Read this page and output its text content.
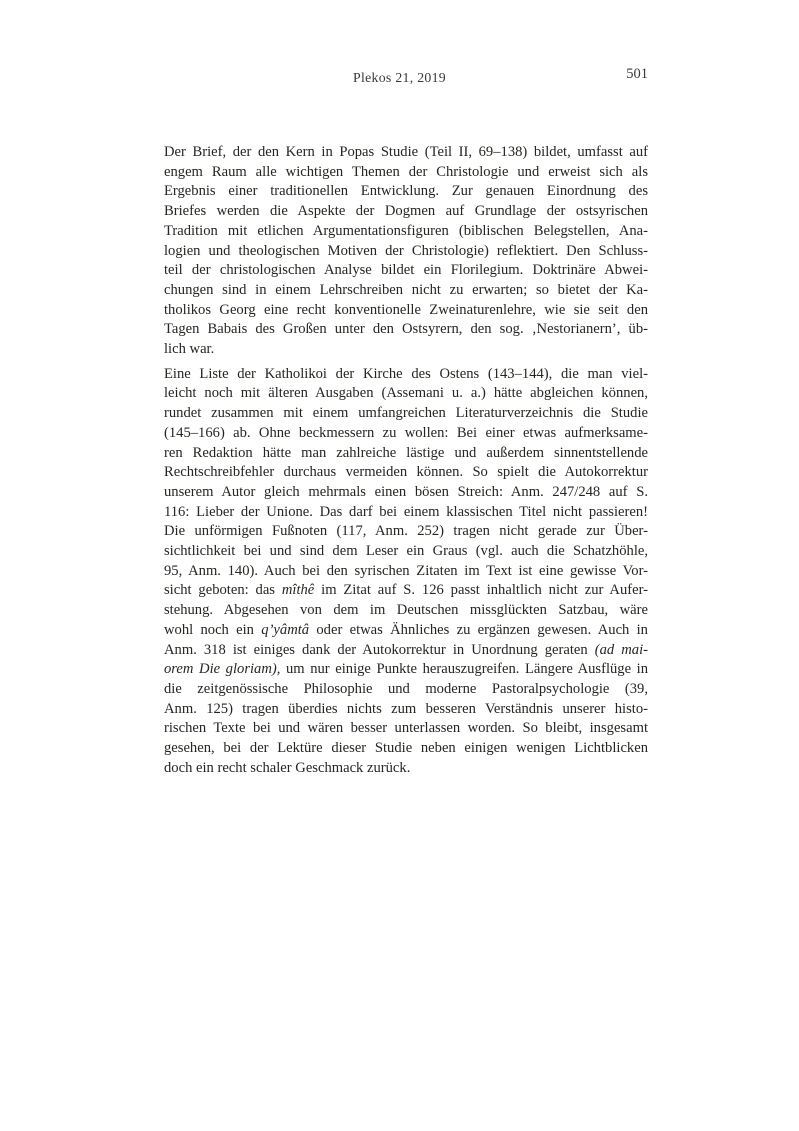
Plekos 21, 2019	501
Der Brief, der den Kern in Popas Studie (Teil II, 69–138) bildet, umfasst auf
engem Raum alle wichtigen Themen der Christologie und erweist sich als
Ergebnis einer traditionellen Entwicklung. Zur genauen Einordnung des
Briefes werden die Aspekte der Dogmen auf Grundlage der ostsyrischen
Tradition mit etlichen Argumentationsfiguren (biblischen Belegstellen, Ana-
logien und theologischen Motiven der Christologie) reflektiert. Den Schluss-
teil der christologischen Analyse bildet ein Florilegium. Doktrinäre Abwei-
chungen sind in einem Lehrschreiben nicht zu erwarten; so bietet der Ka-
tholikos Georg eine recht konventionelle Zweinaturenlehre, wie sie seit den
Tagen Babais des Großen unter den Ostsyrern, den sog. ‚Nestorianern’, üb-
lich war.
Eine Liste der Katholikoi der Kirche des Ostens (143–144), die man viel-
leicht noch mit älteren Ausgaben (Assemani u. a.) hätte abgleichen können,
rundet zusammen mit einem umfangreichen Literaturverzeichnis die Studie
(145–166) ab. Ohne beckmessern zu wollen: Bei einer etwas aufmerksame-
ren Redaktion hätte man zahlreiche lästige und außerdem sinnentstellende
Rechtschreibfehler durchaus vermeiden können. So spielt die Autokorrektur
unserem Autor gleich mehrmals einen bösen Streich: Anm. 247/248 auf S.
116: Lieber der Unione. Das darf bei einem klassischen Titel nicht passieren!
Die unförmigen Fußnoten (117, Anm. 252) tragen nicht gerade zur Über-
sichtlichkeit bei und sind dem Leser ein Graus (vgl. auch die Schatzhöhle,
95, Anm. 140). Auch bei den syrischen Zitaten im Text ist eine gewisse Vor-
sicht geboten: das mîthê im Zitat auf S. 126 passt inhaltlich nicht zur Aufer-
stehung. Abgesehen von dem im Deutschen missglückten Satzbau, wäre
wohl noch ein q’yâmtâ oder etwas Ähnliches zu ergänzen gewesen. Auch in
Anm. 318 ist einiges dank der Autokorrektur in Unordnung geraten (ad mai-
orem Die gloriam), um nur einige Punkte herauszugreifen. Längere Ausflüge in
die zeitgenössische Philosophie und moderne Pastoralpsychologie (39,
Anm. 125) tragen überdies nichts zum besseren Verständnis unserer histo-
rischen Texte bei und wären besser unterlassen worden. So bleibt, insgesamt
gesehen, bei der Lektüre dieser Studie neben einigen wenigen Lichtblicken
doch ein recht schaler Geschmack zurück.
